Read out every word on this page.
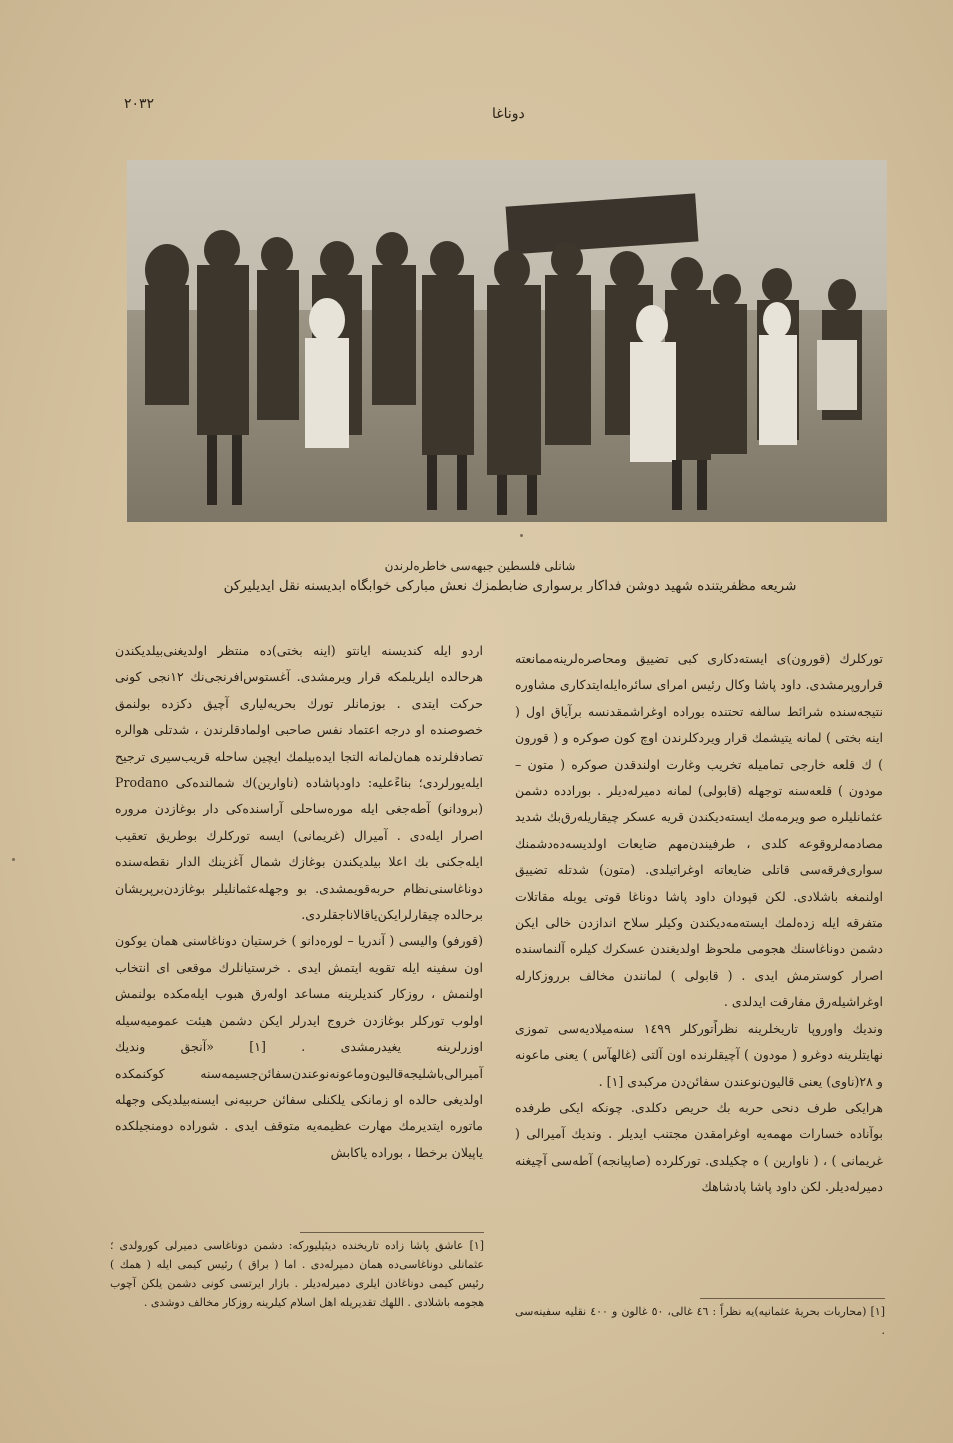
٢٠٣٢
دوناغا
شانلی فلسطین جبهه‌سی خاطره‌لرندن
شریعه مظفریتنده شهید دوشن فداکار برسواری ضابطمزك نعش مبارکی خوابگاه ابدیسنه نقل ایدیلیرکن

تورکلرك (قورون)ی ایسته‌دکاری کبی تضییق ومحاصره‌لرینه‌ممانعته قراروپرمشدی. داود پاشا وکال رئیس امرای سائره‌ایله‌ایتدکاری مشاوره نتیجه‌سنده شرائط سالفه تحتنده بوراده اوغراشمقدنسه برآیاق اول ( اینه بختی ) لمانه یتیشمك قرار ویردکلرندن اوچ کون صوکره و ( قورون ) ك قلعه خارجی تماميله تخریب وغارت اولندقدن صوکره ( متون – مودون ) قلعه‌سنه توجهله (قابولی) لمانه دمیرله‌دیلر . بورادده دشمن عثمانلیلره صو ویرمه‌مك ایسته‌دیکندن قریه عسكر چیقاریله‌رق‌بك شدید مصادمه‌لروقوعه کلدی ، طرفیندن‌مهم ضایعات اولدیسه‌ده‌دشمنك سواری‌فرقه‌سی قاتلی ضایعاته اوغراتیلدی. (متون) شدتله تضییق اولنمغه باشلادی. لكن قپودان داود پاشا دوناغا قوتی یوبله مقاتلات متفرقه ایله زده‌لمك ایسته‌مه‌دیکندن وکیلر سلاح اندازدن خالی ایکن دشمن دوناغاسنك هجومی ملحوظ اولدیغندن عسکرك کیلره آلنماسنده اصرار کوسترمش ایدی . ( قابولی ) لمانندن مخالف برروزکارله اوغراشیله‌رق مفارقت ایدلدی .

وندیك واوروپا تاریخلرینه نظراً‌تورکلر ١٤٩٩ سنه‌میلادیه‌سی تموزی نهایتلرینه دوغرو ( مودون ) آچیقلرنده اون آلتی (غالهآس ) یعنی ماعونه و ٢٨(ناوی) یعنی قالیون‌نوعندن سفائن‌دن مرکبدی [١] .

هرایکی طرف دنحی حربه بك حریص دکلدی. چونکه ایکی طرفده بوآناده خسارات مهمه‌یه اوغرامقدن مجتنب ایدیلر . وندیك آمیرالی ( غریمانی ) ، ( ناوارین ) ه چکیلدی. تورکلرده (صاپیانجه) آطه‌سی آچیغنه دمیرله‌دیلر. لكن داود پاشا پادشاهك

اردو ایله کندیسنه ایانتو (اینه بختی)ده منتظر اولدیغنی‌بیلدیکندن هرحالده ایلریلمکه قرار ویرمشدی. آغستوس‌افرنجی‌نك ١٢نجی کونی حرکت ایتدی . بوزمانلر تورك بحریه‌لیاری آچیق دکزده بولنمق خصوصنده او درجه اعتماد نفس صاحبی اولمادقلرندن ، شدتلی هوالره تصادفلرنده همان‌لمانه التجا ایده‌بیلمك ایچین ساحله قریب‌سیری ترجیح ایله‌یورلردی؛ بناءً‌علیه: داودپاشاده (ناوارین)ك شمالنده‌کی Prodano (برودانو) آطه‌جغی ایله موره‌ساحلی آراسنده‌کی دار بوغازدن مروره اصرار ایله‌دی . آمیرال (غریمانی) ایسه تورکلرك بوطریق تعقیب ایله‌جکنی بك اعلا بیلدیکندن بوغازك شمال آغزینك الدار نقطه‌سنده دوناغاسنی‌نظام حربه‌قویمشدی. بو وجهله‌عثمانلیلر بوغازدن‌برپریشان برحالده چیقارلرایکن‌یاقالاناجقلردی.

(قورفو) والیسی ( آندریا – لوره‌دانو ) خرستیان دوناغاسنی همان یوکون اون سفینه ایله تقویه ایتمش ایدی . خرستیانلرك موقعی ای انتخاب اولنمش ، روزکار کندیلرینه مساعد اوله‌رق هبوب ایله‌مکده بولنمش اولوب تورکلر بوغازدن خروج ایدرلر ایکن دشمن هیئت عمومیه‌سیله اوزرلرینه یغیدرمشدی . [١] «آنجق وندیك آمیرالی‌باشلیجه‌قالیون‌وماعونه‌نوعندن‌سفائن‌جسیمه‌سنه کوکنمکده اولدیغی حالده او زمانکی یلکنلی سفائن حربیه‌نی ایسنه‌بیلدیکی وجهله ماتوره ایتدیرمك مهارت عظیمه‌یه متوقف ایدی . شوراده دومنجیلکده یاپیلان برخطا ، بوراده یاکابش

[١] عاشق پاشا زاده تاریخنده دیئیلیورکه: دشمن دوناغاسی دمیرلی کورولدی ؛ عثمانلی دوناغاسی‌ده همان دمیرله‌دی . اما ( براق ) رئیس کیمی ایله ( همك ) رئیس کیمی دوناغادن ایلری دمیرله‌دیلر . بازار ایرتسی کونی دشمن یلکن آچوب هجومه باشلادی . اللهك تقدیریله اهل اسلام کیلرینه روزکار مخالف دوشدی .
[١] (محاربات بحریۀ عثمانیه)یه نظراً : ٤٦ غالی، ٥٠ غالون و ٤٠٠ نقلیه سفینه‌سی .
